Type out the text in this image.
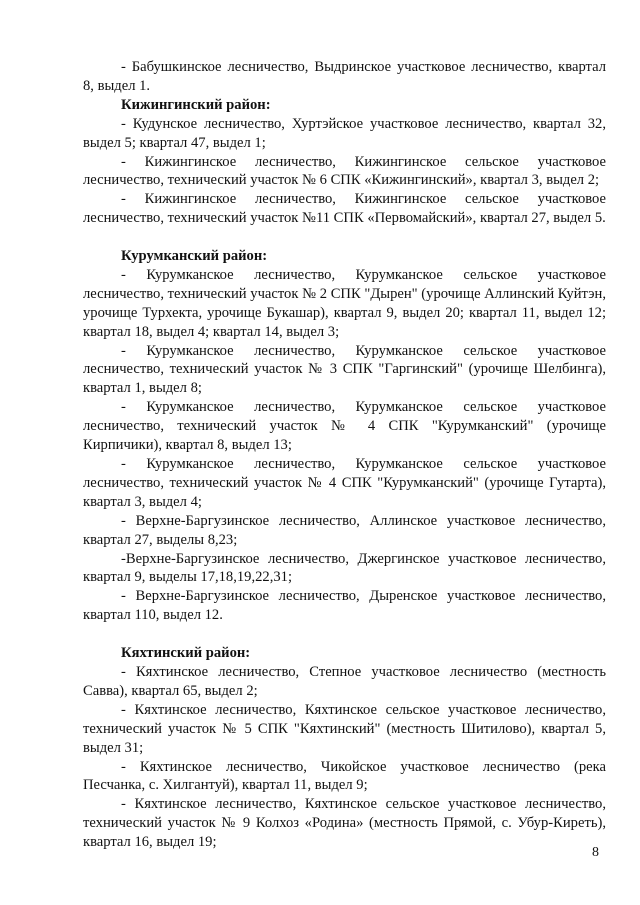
- Бабушкинское лесничество, Выдринское участковое лесничество, квартал 8, выдел 1.

Кижингинский район:

- Кудунское лесничество, Хуртэйское участковое лесничество, квартал 32, выдел 5; квартал 47, выдел 1;

- Кижингинское лесничество, Кижингинское сельское участковое лесничество, технический участок № 6 СПК «Кижингинский», квартал 3, выдел 2;

- Кижингинское лесничество, Кижингинское сельское участковое лесничество, технический участок №11 СПК «Первомайский», квартал 27, выдел 5.

Курумканский район:

- Курумканское лесничество, Курумканское сельское участковое лесничество, технический участок № 2 СПК "Дырен" (урочище Аллинский Куйтэн, урочище Турхекта, урочище Букашар), квартал 9, выдел 20; квартал 11, выдел 12; квартал 18, выдел 4; квартал 14, выдел 3;

- Курумканское лесничество, Курумканское сельское участковое лесничество, технический участок № 3 СПК "Гаргинский" (урочище Шелбинга), квартал 1, выдел 8;

- Курумканское лесничество, Курумканское сельское участковое лесничество, технический участок № 4 СПК "Курумканский" (урочище Кирпичики), квартал 8, выдел 13;

- Курумканское лесничество, Курумканское сельское участковое лесничество, технический участок № 4 СПК "Курумканский" (урочище Гутарта), квартал 3, выдел 4;

- Верхне-Баргузинское лесничество, Аллинское участковое лесничество, квартал 27, выделы 8,23;

-Верхне-Баргузинское лесничество, Джергинское участковое лесничество, квартал 9, выделы 17,18,19,22,31;

- Верхне-Баргузинское лесничество, Дыренское участковое лесничество, квартал 110, выдел 12.

Кяхтинский район:

- Кяхтинское лесничество, Степное участковое лесничество (местность Савва), квартал 65, выдел 2;

- Кяхтинское лесничество, Кяхтинское сельское участковое лесничество, технический участок № 5 СПК "Кяхтинский" (местность Шитилово), квартал 5, выдел 31;

- Кяхтинское лесничество, Чикойское участковое лесничество (река Песчанка, с. Хилгантуй), квартал 11, выдел 9;

- Кяхтинское лесничество, Кяхтинское сельское участковое лесничество, технический участок № 9 Колхоз «Родина» (местность Прямой, с. Убур-Киреть), квартал 16, выдел 19;

8
